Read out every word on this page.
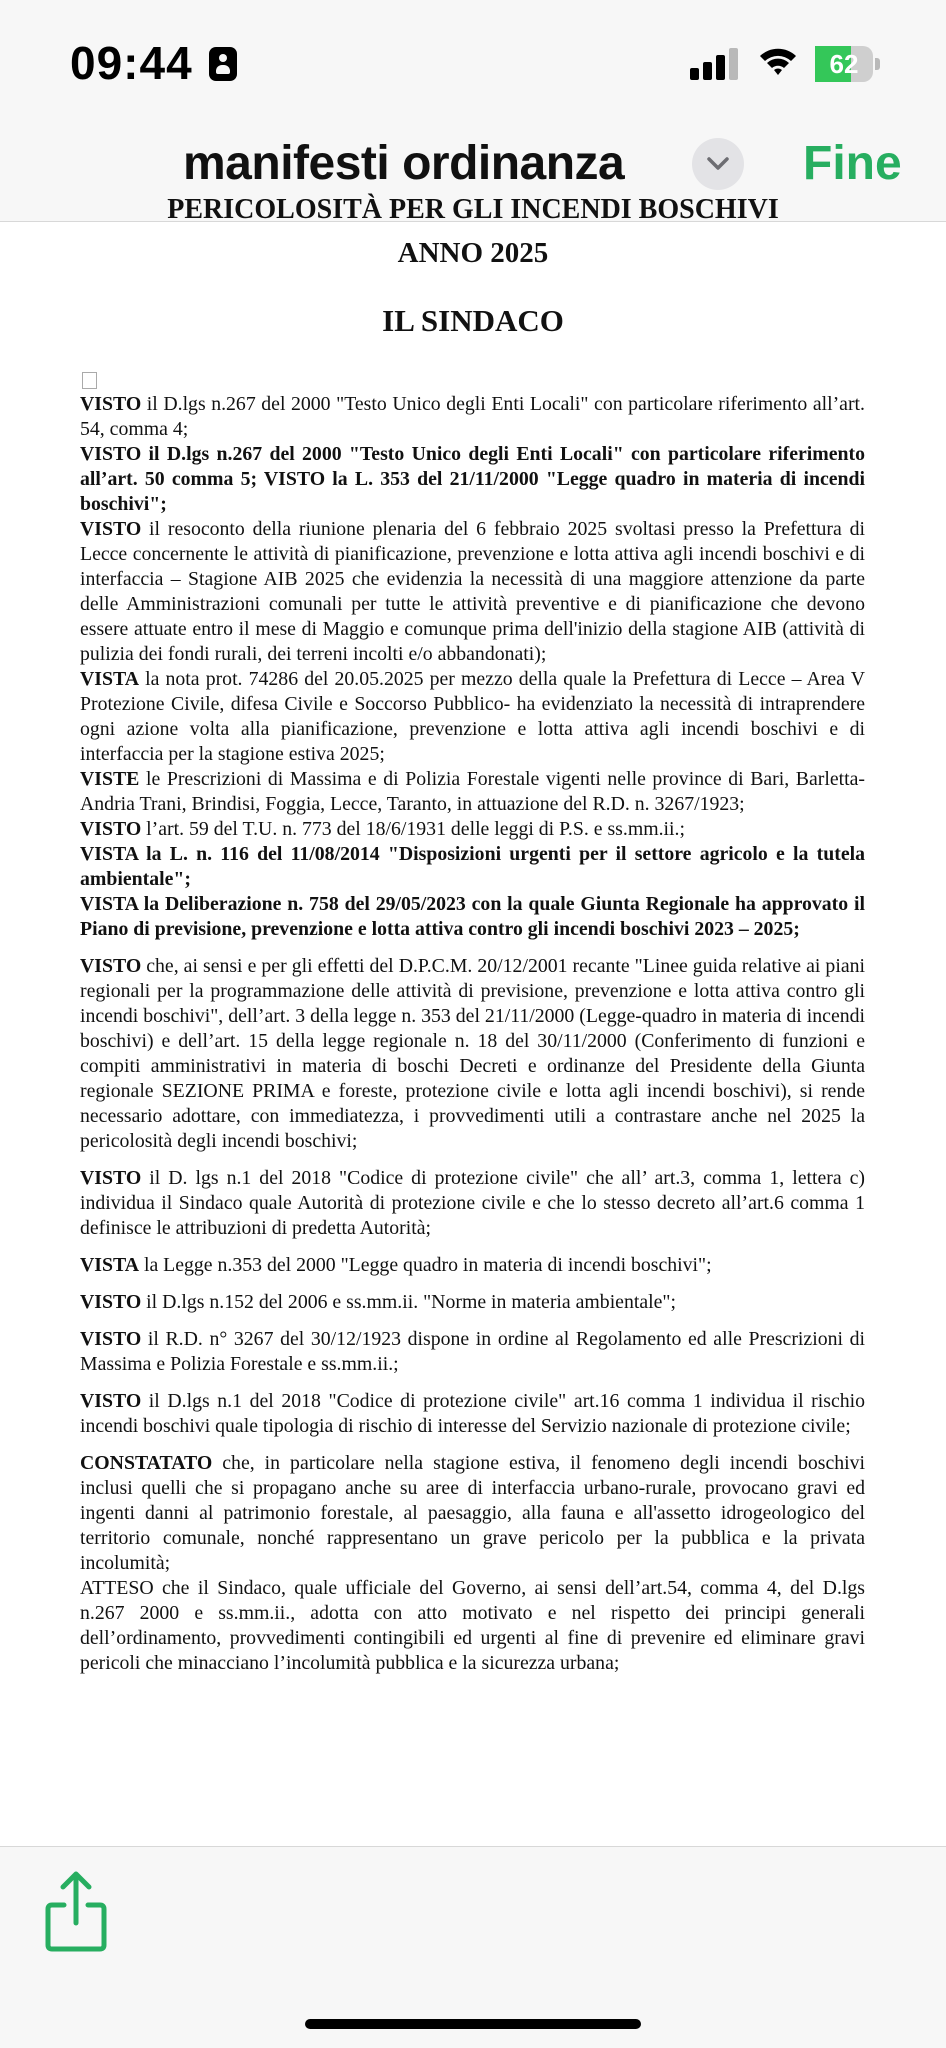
09:44	62
manifesti ordinanza	Fine
PERICOLOSITÀ PER GLI INCENDI BOSCHIVI
ANNO 2025
IL SINDACO

VISTO il D.lgs n.267 del 2000 "Testo Unico degli Enti Locali" con particolare riferimento all’art. 54, comma 4;

VISTO il D.lgs n.267 del 2000 "Testo Unico degli Enti Locali" con particolare riferimento all’art. 50 comma 5; VISTO la L. 353 del 21/11/2000 "Legge quadro in materia di incendi boschivi";

VISTO il resoconto della riunione plenaria del 6 febbraio 2025 svoltasi presso la Prefettura di Lecce concernente le attività di pianificazione, prevenzione e lotta attiva agli incendi boschivi e di interfaccia – Stagione AIB 2025 che evidenzia la necessità di una maggiore attenzione da parte delle Amministrazioni comunali per tutte le attività preventive e di pianificazione che devono essere attuate entro il mese di Maggio e comunque prima dell'inizio della stagione AIB (attività di pulizia dei fondi rurali, dei terreni incolti e/o abbandonati);

VISTA la nota prot. 74286 del 20.05.2025 per mezzo della quale la Prefettura di Lecce – Area V Protezione Civile, difesa Civile e Soccorso Pubblico- ha evidenziato la necessità di intraprendere ogni azione volta alla pianificazione, prevenzione e lotta attiva agli incendi boschivi e di interfaccia per la stagione estiva 2025;

VISTE le Prescrizioni di Massima e di Polizia Forestale vigenti nelle province di Bari, Barletta-Andria Trani, Brindisi, Foggia, Lecce, Taranto, in attuazione del R.D. n. 3267/1923;

VISTO l’art. 59 del T.U. n. 773 del 18/6/1931 delle leggi di P.S. e ss.mm.ii.;

VISTA la L. n. 116 del 11/08/2014 "Disposizioni urgenti per il settore agricolo e la tutela ambientale";

VISTA la Deliberazione n. 758 del 29/05/2023 con la quale Giunta Regionale ha approvato il Piano di previsione, prevenzione e lotta attiva contro gli incendi boschivi 2023 – 2025;

VISTO che, ai sensi e per gli effetti del D.P.C.M. 20/12/2001 recante "Linee guida relative ai piani regionali per la programmazione delle attività di previsione, prevenzione e lotta attiva contro gli incendi boschivi", dell’art. 3 della legge n. 353 del 21/11/2000 (Legge-quadro in materia di incendi boschivi) e dell’art. 15 della legge regionale n. 18 del 30/11/2000 (Conferimento di funzioni e compiti amministrativi in materia di boschi Decreti e ordinanze del Presidente della Giunta regionale SEZIONE PRIMA e foreste, protezione civile e lotta agli incendi boschivi), si rende necessario adottare, con immediatezza, i provvedimenti utili a contrastare anche nel 2025 la pericolosità degli incendi boschivi;

VISTO il D. lgs n.1 del 2018 "Codice di protezione civile" che all’ art.3, comma 1, lettera c) individua il Sindaco quale Autorità di protezione civile e che lo stesso decreto all’art.6 comma 1 definisce le attribuzioni di predetta Autorità;

VISTA la Legge n.353 del 2000 "Legge quadro in materia di incendi boschivi";

VISTO il D.lgs n.152 del 2006 e ss.mm.ii. "Norme in materia ambientale";

VISTO il R.D. n° 3267 del 30/12/1923 dispone in ordine al Regolamento ed alle Prescrizioni di Massima e Polizia Forestale e ss.mm.ii.;

VISTO il D.lgs n.1 del 2018 "Codice di protezione civile" art.16 comma 1 individua il rischio incendi boschivi quale tipologia di rischio di interesse del Servizio nazionale di protezione civile;

CONSTATATO che, in particolare nella stagione estiva, il fenomeno degli incendi boschivi inclusi quelli che si propagano anche su aree di interfaccia urbano-rurale, provocano gravi ed ingenti danni al patrimonio forestale, al paesaggio, alla fauna e all'assetto idrogeologico del territorio comunale, nonché rappresentano un grave pericolo per la pubblica e la privata incolumità;

ATTESO che il Sindaco, quale ufficiale del Governo, ai sensi dell’art.54, comma 4, del D.lgs n.267 2000 e ss.mm.ii., adotta con atto motivato e nel rispetto dei principi generali dell’ordinamento, provvedimenti contingibili ed urgenti al fine di prevenire ed eliminare gravi pericoli che minacciano l’incolumità pubblica e la sicurezza urbana;
